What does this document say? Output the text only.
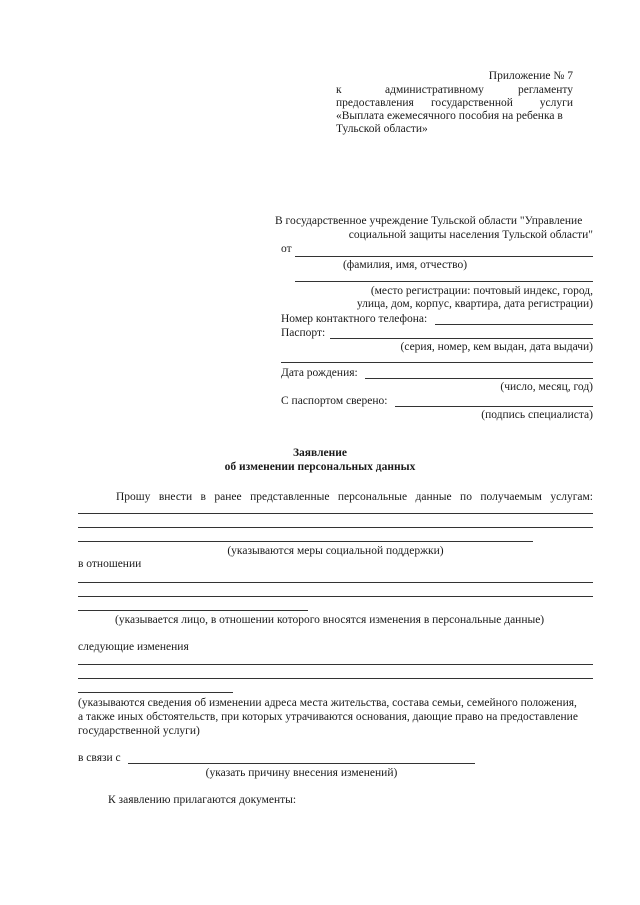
Приложение № 7
к	административному	регламенту
предоставления государственной	услуги
«Выплата ежемесячного пособия на ребенка в
Тульской области»
В государственное учреждение Тульской области "Управление
социальной защиты населения Тульской области"
от
(фамилия, имя, отчество)
(место регистрации: почтовый индекс, город,
улица, дом, корпус, квартира, дата регистрации)
Номер контактного телефона:
Паспорт:
(серия, номер, кем выдан, дата выдачи)
Дата рождения:
(число, месяц, год)
С паспортом сверено:
(подпись специалиста)
Заявление
об изменении персональных данных
Прошу внести в ранее представленные персональные данные по получаемым услугам:
(указываются меры социальной поддержки)
в отношении
(указывается лицо, в отношении которого вносятся изменения в персональные данные)
следующие изменения
(указываются сведения об изменении адреса места жительства, состава семьи, семейного положения,
а также иных обстоятельств, при которых утрачиваются основания, дающие право на предоставление
государственной услуги)
в связи с
(указать причину внесения изменений)
К заявлению прилагаются документы:
